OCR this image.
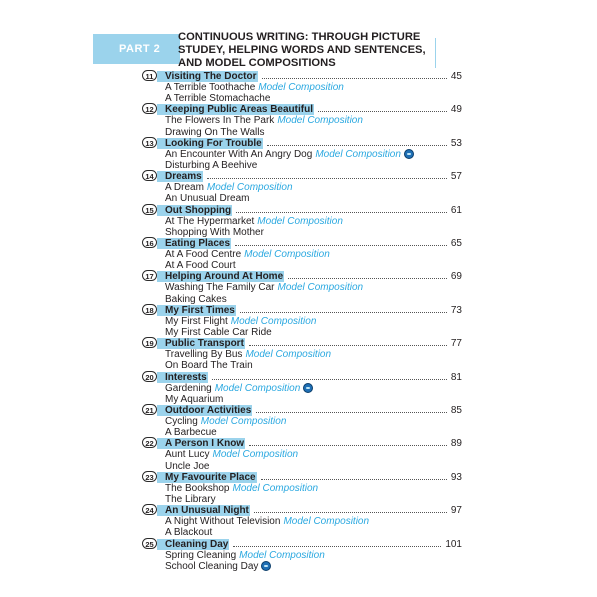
PART 2
CONTINUOUS WRITING: THROUGH PICTURE
STUDEY, HELPING WORDS AND SENTENCES,
AND MODEL COMPOSITIONS
11	Visiting The Doctor	45
A Terrible Toothache Model Composition
A Terrible Stomachache
12	Keeping Public Areas Beautiful	49
The Flowers In The Park Model Composition
Drawing On The Walls
13	Looking For Trouble	53
An Encounter With An Angry Dog Model Composition
Disturbing A Beehive
14	Dreams	57
A Dream Model Composition
An Unusual Dream
15	Out Shopping	61
At The Hypermarket Model Composition
Shopping With Mother
16	Eating Places	65
At A Food Centre Model Composition
At A Food Court
17	Helping Around At Home	69
Washing The Family Car Model Composition
Baking Cakes
18	My First Times	73
My First Flight Model Composition
My First Cable Car Ride
19	Public Transport	77
Travelling By Bus Model Composition
On Board The Train
20	Interests	81
Gardening Model Composition
My Aquarium
21	Outdoor Activities	85
Cycling Model Composition
A Barbecue
22	A Person I Know	89
Aunt Lucy Model Composition
Uncle Joe
23	My Favourite Place	93
The Bookshop Model Composition
The Library
24	An Unusual Night	97
A Night Without Television Model Composition
A Blackout
25	Cleaning Day	101
Spring Cleaning Model Composition
School Cleaning Day
